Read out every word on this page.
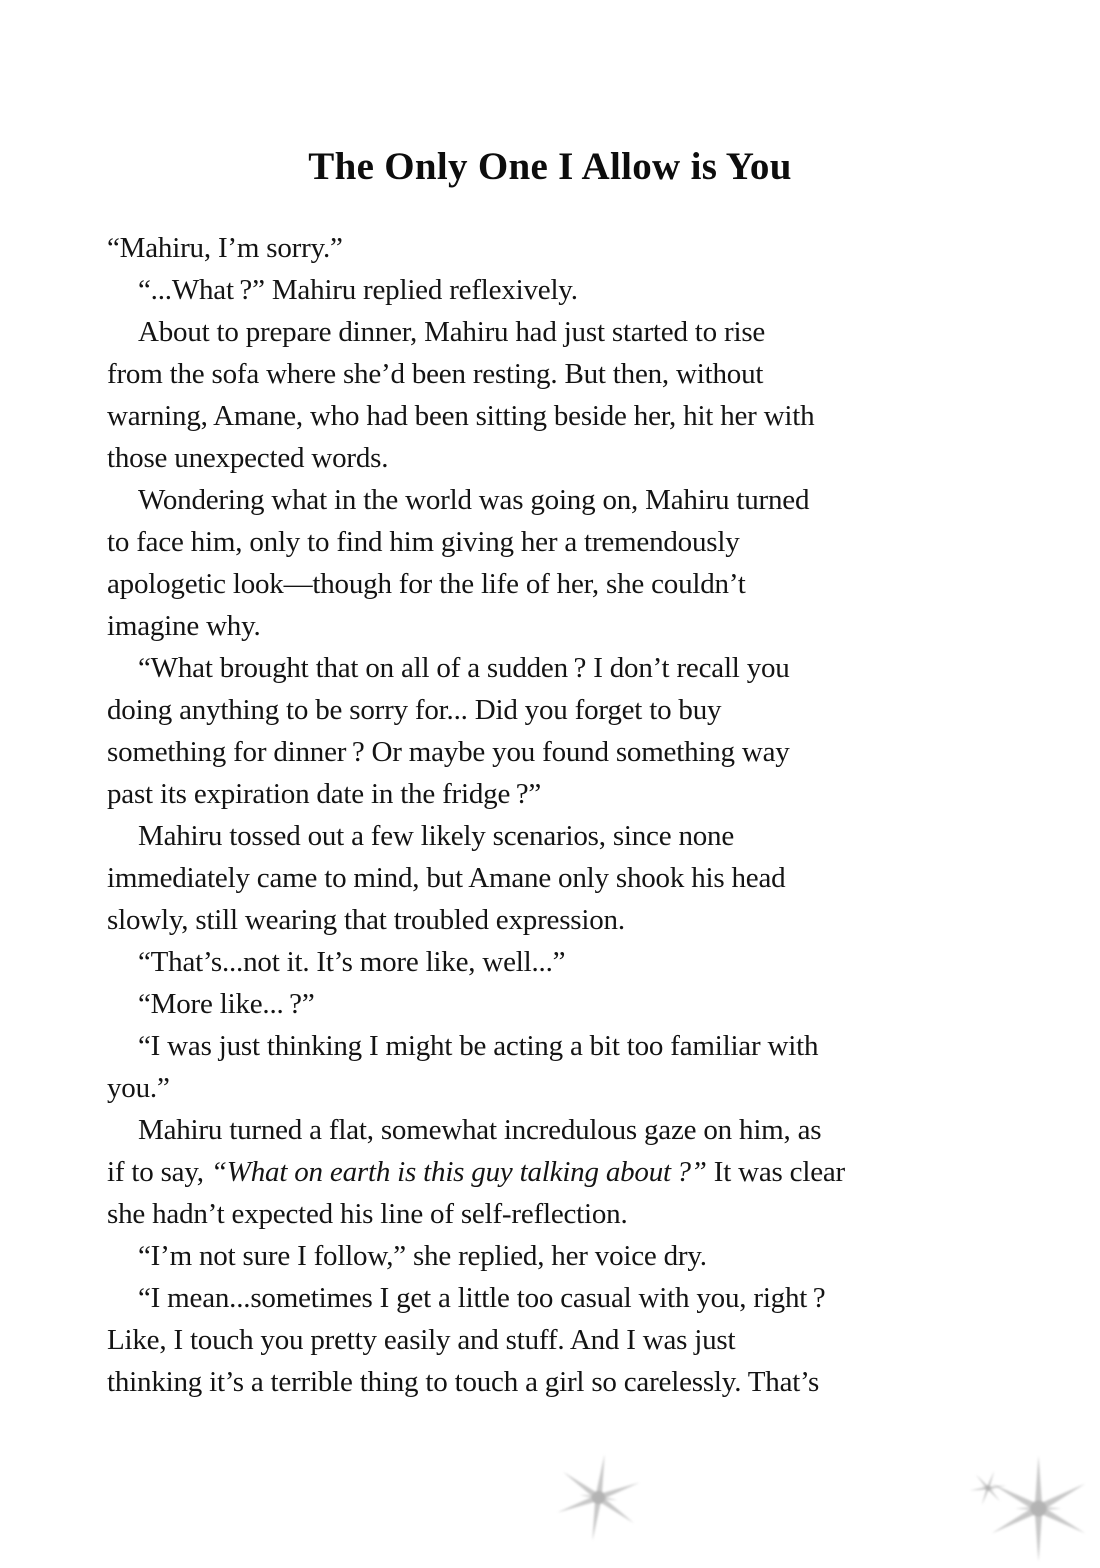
The Only One I Allow is You
“Mahiru, I’m sorry.”
“...What ?” Mahiru replied reflexively.
About to prepare dinner, Mahiru had just started to rise
from the sofa where she’d been resting. But then, without
warning, Amane, who had been sitting beside her, hit her with
those unexpected words.
Wondering what in the world was going on, Mahiru turned
to face him, only to find him giving her a tremendously
apologetic look—though for the life of her, she couldn’t
imagine why.
“What brought that on all of a sudden ? I don’t recall you
doing anything to be sorry for... Did you forget to buy
something for dinner ? Or maybe you found something way
past its expiration date in the fridge ?”
Mahiru tossed out a few likely scenarios, since none
immediately came to mind, but Amane only shook his head
slowly, still wearing that troubled expression.
“That’s...not it. It’s more like, well...”
“More like... ?”
“I was just thinking I might be acting a bit too familiar with
you.”
Mahiru turned a flat, somewhat incredulous gaze on him, as
if to say, “What on earth is this guy talking about ?” It was clear
she hadn’t expected his line of self-reflection.
“I’m not sure I follow,” she replied, her voice dry.
“I mean...sometimes I get a little too casual with you, right ?
Like, I touch you pretty easily and stuff. And I was just
thinking it’s a terrible thing to touch a girl so carelessly. That’s
